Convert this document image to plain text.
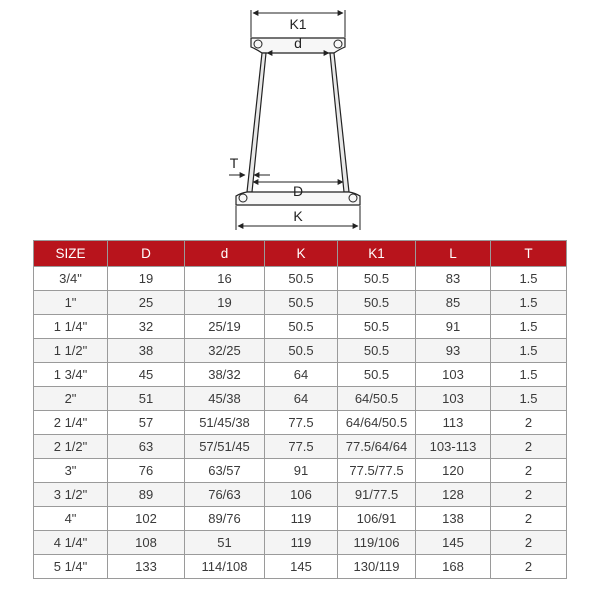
K1
d
T
D
K
SIZE	D	d	K	K1	L	T
3/4"	19	16	50.5	50.5	83	1.5
1"	25	19	50.5	50.5	85	1.5
1 1/4"	32	25/19	50.5	50.5	91	1.5
1 1/2"	38	32/25	50.5	50.5	93	1.5
1 3/4"	45	38/32	64	50.5	103	1.5
2"	51	45/38	64	64/50.5	103	1.5
2 1/4"	57	51/45/38	77.5	64/64/50.5	113	2
2 1/2"	63	57/51/45	77.5	77.5/64/64	103-113	2
3"	76	63/57	91	77.5/77.5	120	2
3 1/2"	89	76/63	106	91/77.5	128	2
4"	102	89/76	119	106/91	138	2
4 1/4"	108	51	119	119/106	145	2
5 1/4"	133	114/108	145	130/119	168	2
